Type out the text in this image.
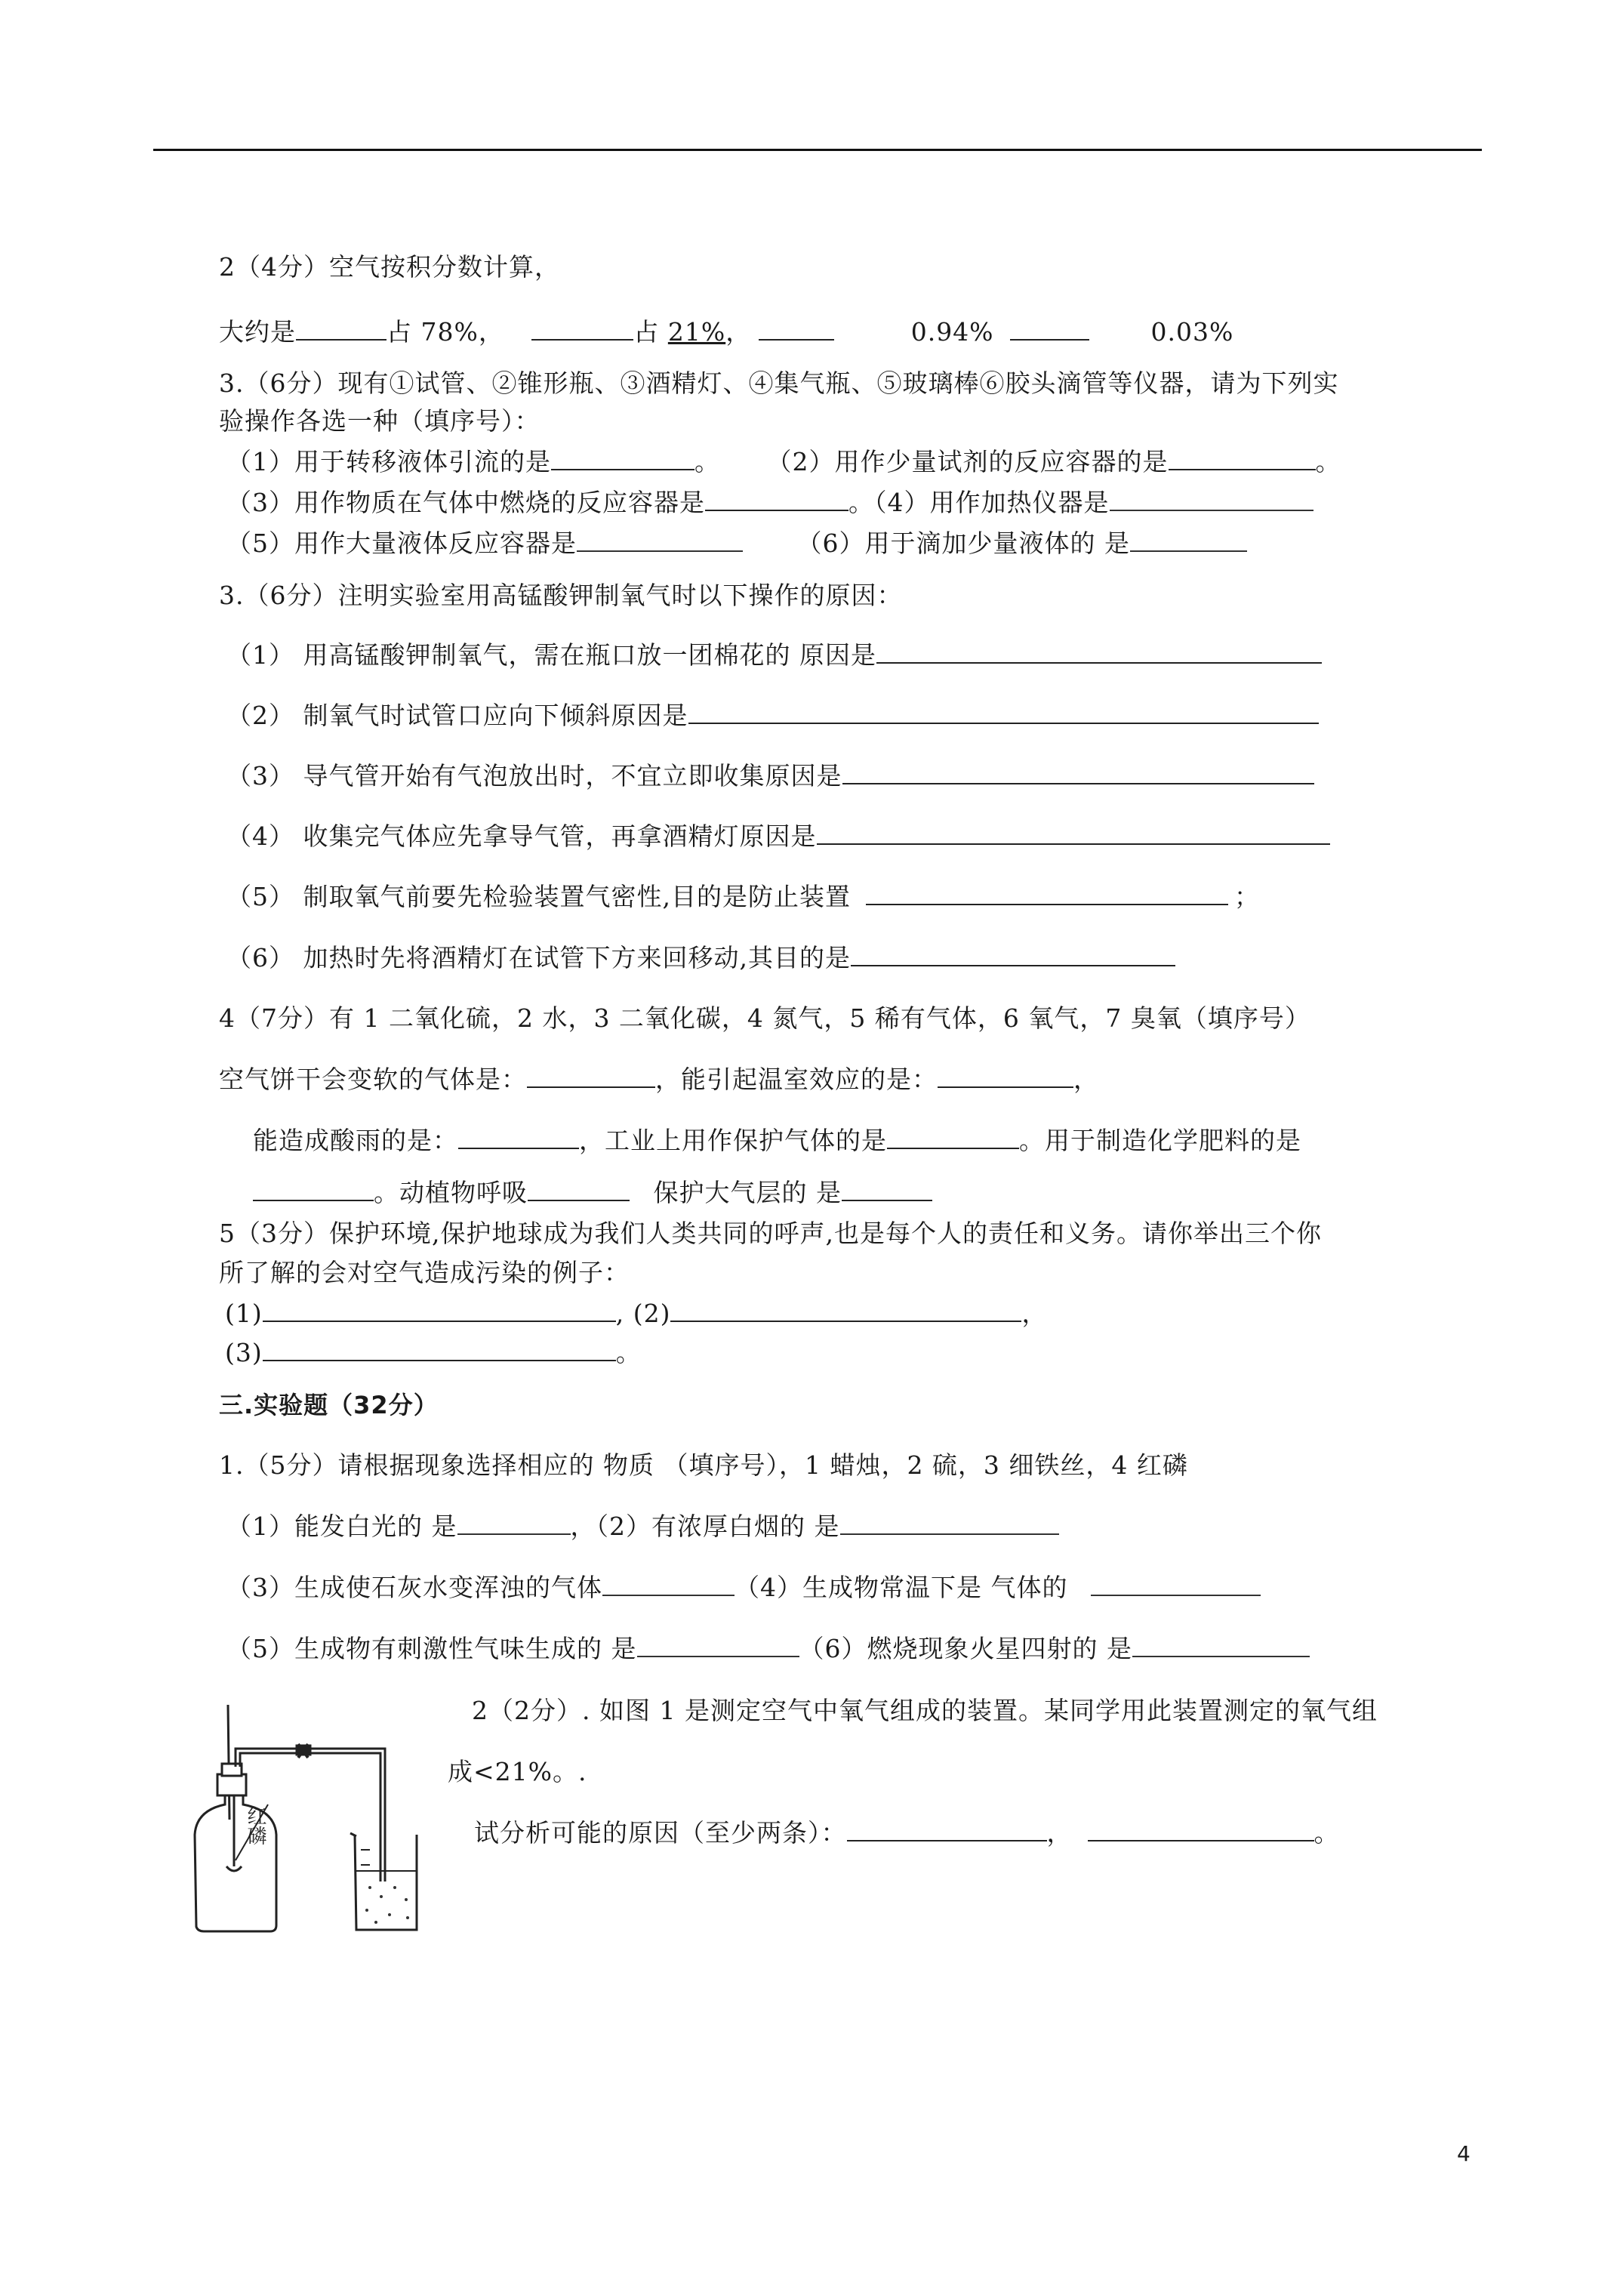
2（4分）空气按积分数计算，
大约是	占 78%，	占 21%，	0.94%	0.03%
3.（6分）现有①试管、②锥形瓶、③酒精灯、④集气瓶、⑤玻璃棒⑥胶头滴管等仪器，请为下列实
验操作各选一种（填序号）：
（1）用于转移液体引流的是	。 （2）用作少量试剂的反应容器的是	。
（3）用作物质在气体中燃烧的反应容器是	。（4）用作加热仪器是
（5）用作大量液体反应容器是	（6）用于滴加少量液体的 是
3.（6分）注明实验室用高锰酸钾制氧气时以下操作的原因：
（1） 用高锰酸钾制氧气，需在瓶口放一团棉花的 原因是
（2） 制氧气时试管口应向下倾斜原因是
（3） 导气管开始有气泡放出时，不宜立即收集原因是
（4） 收集完气体应先拿导气管，再拿酒精灯原因是
（5） 制取氧气前要先检验装置气密性,目的是防止装置	；
（6） 加热时先将酒精灯在试管下方来回移动,其目的是
4（7分）有 1 二氧化硫，2 水，3 二氧化碳，4 氮气，5 稀有气体，6 氧气，7 臭氧（填序号）
空气饼干会变软的气体是：	，能引起温室效应的是：	，
能造成酸雨的是：	，工业上用作保护气体的是	。用于制造化学肥料的是
。动植物呼吸	保护大气层的 是
5（3分）保护环境,保护地球成为我们人类共同的呼声,也是每个人的责任和义务。请你举出三个你
所了解的会对空气造成污染的例子：
(1)	, (2)	，
(3)	。
三.实验题（32分）
1.（5分）请根据现象选择相应的 物质 （填序号），1 蜡烛，2 硫，3 细铁丝，4 红磷
（1）能发白光的 是	，（2）有浓厚白烟的 是
（3）生成使石灰水变浑浊的气体	（4）生成物常温下是 气体的
（5）生成物有刺激性气味生成的 是	（6）燃烧现象火星四射的 是
2（2分）. 如图 1 是测定空气中氧气组成的装置。某同学用此装置测定的氧气组
成<21%。.
试分析可能的原因（至少两条）：	，	。
红磷
4
